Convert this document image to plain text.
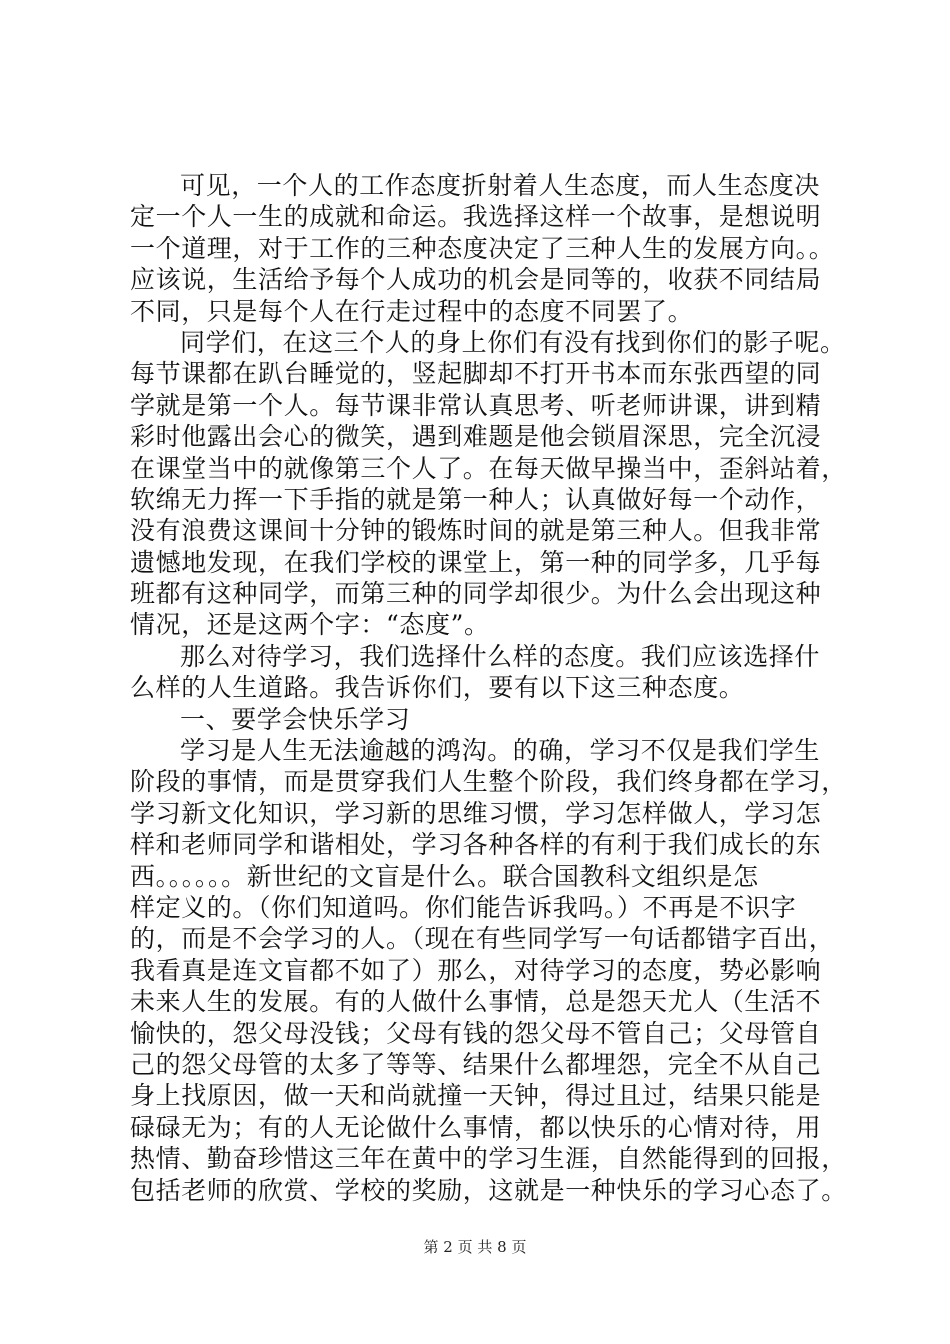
可见，一个人的工作态度折射着人生态度，而人生态度决
定一个人一生的成就和命运。我选择这样一个故事，是想说明
一个道理，对于工作的三种态度决定了三种人生的发展方向。。
应该说，生活给予每个人成功的机会是同等的，收获不同结局
不同，只是每个人在行走过程中的态度不同罢了。
同学们，在这三个人的身上你们有没有找到你们的影子呢。
每节课都在趴台睡觉的，竖起脚却不打开书本而东张西望的同
学就是第一个人。每节课非常认真思考、听老师讲课，讲到精
彩时他露出会心的微笑，遇到难题是他会锁眉深思，完全沉浸
在课堂当中的就像第三个人了。在每天做早操当中，歪斜站着，
软绵无力挥一下手指的就是第一种人；认真做好每一个动作，
没有浪费这课间十分钟的锻炼时间的就是第三种人。但我非常
遗憾地发现，在我们学校的课堂上，第一种的同学多，几乎每
班都有这种同学，而第三种的同学却很少。为什么会出现这种
情况，还是这两个字：“态度”。
那么对待学习，我们选择什么样的态度。我们应该选择什
么样的人生道路。我告诉你们，要有以下这三种态度。
一、要学会快乐学习
学习是人生无法逾越的鸿沟。的确，学习不仅是我们学生
阶段的事情，而是贯穿我们人生整个阶段，我们终身都在学习，
学习新文化知识，学习新的思维习惯，学习怎样做人，学习怎
样和老师同学和谐相处，学习各种各样的有利于我们成长的东
西。。。。。。新世纪的文盲是什么。联合国教科文组织是怎
样定义的。（你们知道吗。你们能告诉我吗。）不再是不识字
的，而是不会学习的人。（现在有些同学写一句话都错字百出，
我看真是连文盲都不如了）那么，对待学习的态度，势必影响
未来人生的发展。有的人做什么事情，总是怨天尤人（生活不
愉快的，怨父母没钱；父母有钱的怨父母不管自己；父母管自
己的怨父母管的太多了等等、结果什么都埋怨，完全不从自己
身上找原因，做一天和尚就撞一天钟，得过且过，结果只能是
碌碌无为；有的人无论做什么事情，都以快乐的心情对待，用
热情、勤奋珍惜这三年在黄中的学习生涯，自然能得到的回报，
包括老师的欣赏、学校的奖励，这就是一种快乐的学习心态了。
第 2 页 共 8 页
